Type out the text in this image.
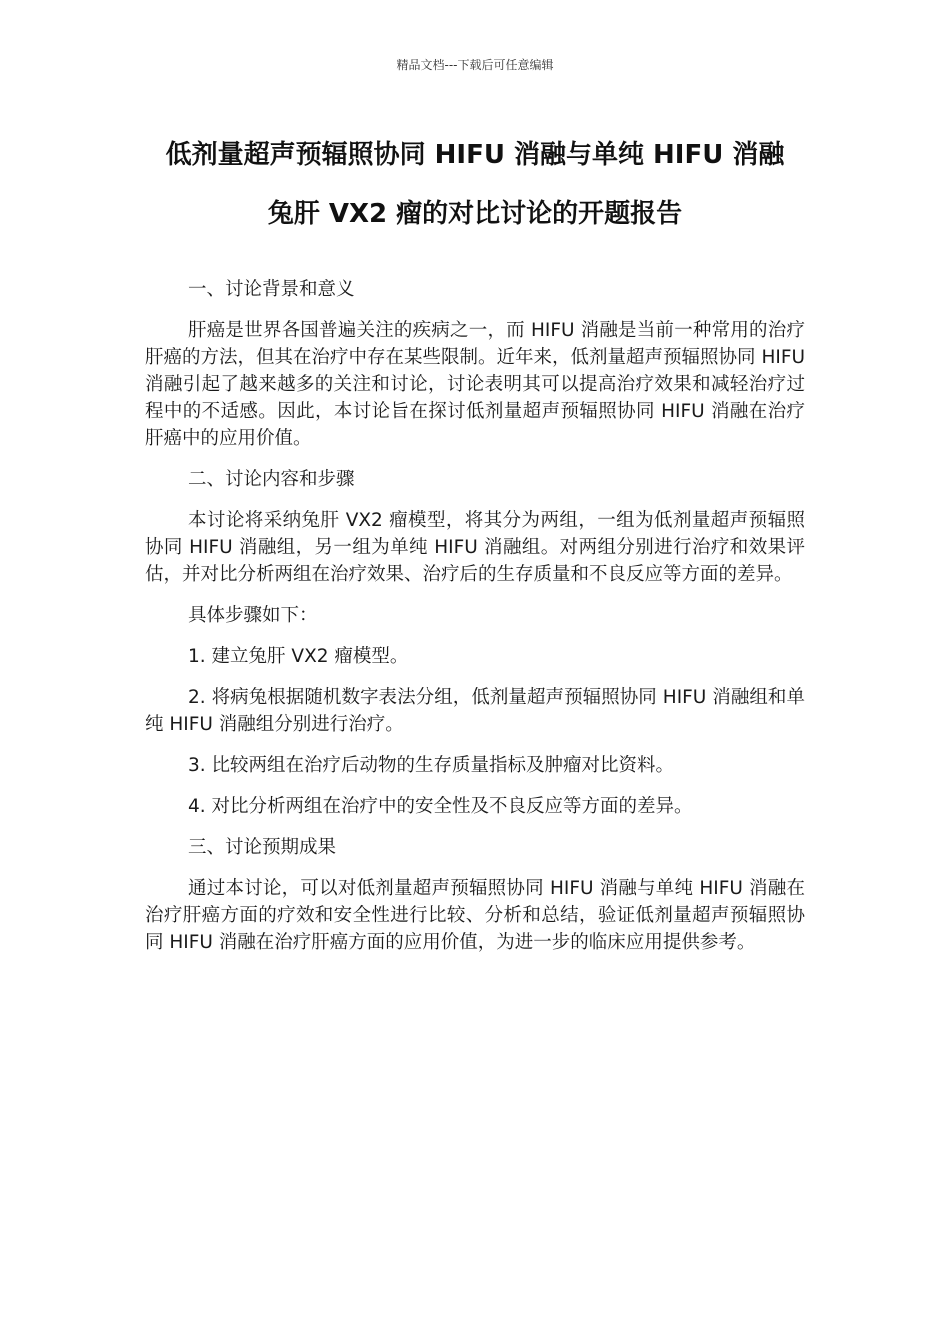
精品文档---下载后可任意编辑
低剂量超声预辐照协同 HIFU 消融与单纯 HIFU 消融
兔肝 VX2 瘤的对比讨论的开题报告

一、讨论背景和意义

肝癌是世界各国普遍关注的疾病之一，而 HIFU 消融是当前一种常用的治疗肝癌的方法，但其在治疗中存在某些限制。近年来，低剂量超声预辐照协同 HIFU 消融引起了越来越多的关注和讨论，讨论表明其可以提高治疗效果和减轻治疗过程中的不适感。因此，本讨论旨在探讨低剂量超声预辐照协同 HIFU 消融在治疗肝癌中的应用价值。

二、讨论内容和步骤

本讨论将采纳兔肝 VX2 瘤模型，将其分为两组，一组为低剂量超声预辐照协同 HIFU 消融组，另一组为单纯 HIFU 消融组。对两组分别进行治疗和效果评估，并对比分析两组在治疗效果、治疗后的生存质量和不良反应等方面的差异。

具体步骤如下：

1. 建立兔肝 VX2 瘤模型。

2. 将病兔根据随机数字表法分组，低剂量超声预辐照协同 HIFU 消融组和单纯 HIFU 消融组分别进行治疗。

3. 比较两组在治疗后动物的生存质量指标及肿瘤对比资料。

4. 对比分析两组在治疗中的安全性及不良反应等方面的差异。

三、讨论预期成果

通过本讨论，可以对低剂量超声预辐照协同 HIFU 消融与单纯 HIFU 消融在治疗肝癌方面的疗效和安全性进行比较、分析和总结，验证低剂量超声预辐照协同 HIFU 消融在治疗肝癌方面的应用价值，为进一步的临床应用提供参考。
